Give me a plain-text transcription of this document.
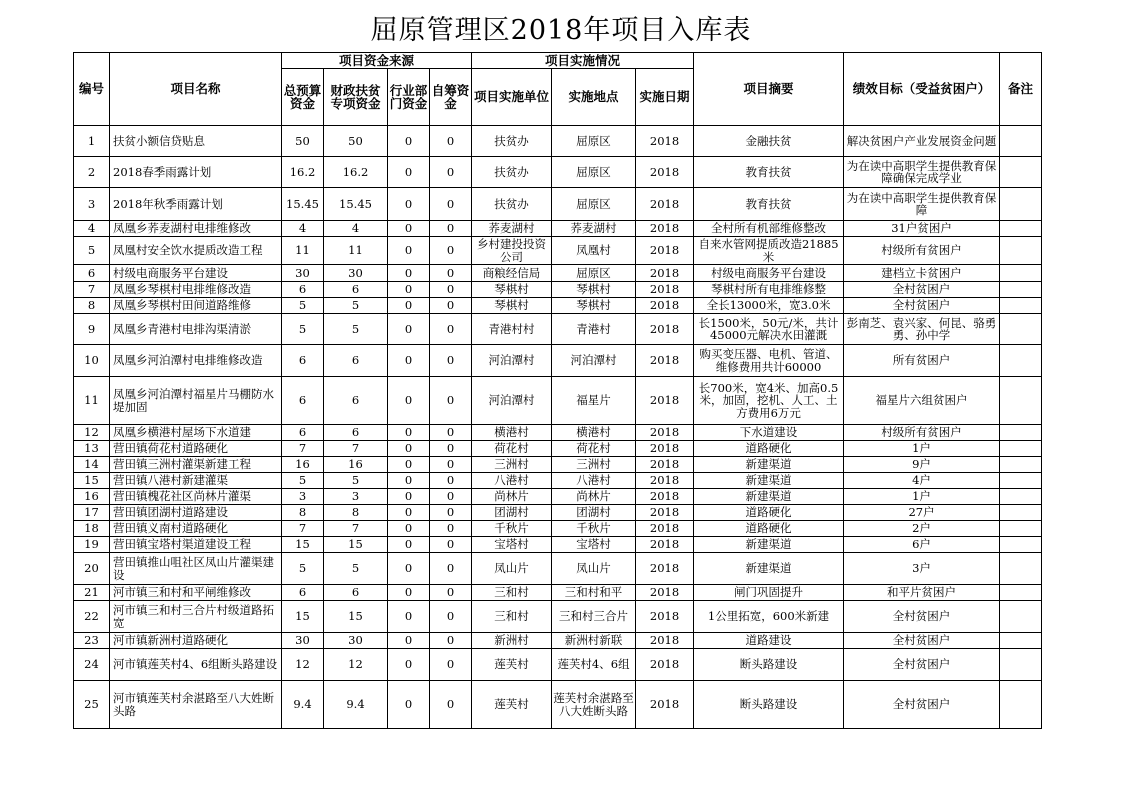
屈原管理区2018年项目入库表
编号	项目名称	项目资金来源				项目实施情况			项目摘要	绩效目标（受益贫困户）	备注
		总预算资金	财政扶贫专项资金	行业部门资金	自筹资金	项目实施单位	实施地点	实施日期			
1	扶贫小额信贷贴息	50	50	0	0	扶贫办	屈原区	2018	金融扶贫	解决贫困户产业发展资金问题	
2	2018春季雨露计划	16.2	16.2	0	0	扶贫办	屈原区	2018	教育扶贫	为在读中高职学生提供教育保障确保完成学业	
3	2018年秋季雨露计划	15.45	15.45	0	0	扶贫办	屈原区	2018	教育扶贫	为在读中高职学生提供教育保障	
4	凤凰乡荞麦湖村电排维修改	4	4	0	0	荞麦湖村	荞麦湖村	2018	全村所有机部维修整改	31户贫困户	
5	凤凰村安全饮水提质改造工程	11	11	0	0	乡村建投投资公司	凤凰村	2018	自来水管网提质改造21885米	村级所有贫困户	
6	村级电商服务平台建设	30	30	0	0	商粮经信局	屈原区	2018	村级电商服务平台建设	建档立卡贫困户	
7	凤凰乡琴棋村电排维修改造	6	6	0	0	琴棋村	琴棋村	2018	琴棋村所有电排维修整	全村贫困户	
8	凤凰乡琴棋村田间道路维修	5	5	0	0	琴棋村	琴棋村	2018	全长13000米，宽3.0米	全村贫困户	
9	凤凰乡青港村电排沟渠清淤	5	5	0	0	青港村村	青港村	2018	长1500米，50元/米，共计45000元解决水田灌溉	彭南芝、袁兴家、何昆、骆勇勇、孙中学	
10	凤凰乡河泊潭村电排维修改造	6	6	0	0	河泊潭村	河泊潭村	2018	购买变压器、电机、管道、维修费用共计60000	所有贫困户	
11	凤凰乡河泊潭村福星片马棚防水堤加固	6	6	0	0	河泊潭村	福星片	2018	长700米，宽4米、加高0.5米，加固，挖机、人工、土方费用6万元	福星片六组贫困户	
12	凤凰乡横港村屋场下水道建	6	6	0	0	横港村	横港村	2018	下水道建设	村级所有贫困户	
13	营田镇荷花村道路硬化	7	7	0	0	荷花村	荷花村	2018	道路硬化	1户	
14	营田镇三洲村灌渠新建工程	16	16	0	0	三洲村	三洲村	2018	新建渠道	9户	
15	营田镇八港村新建灌渠	5	5	0	0	八港村	八港村	2018	新建渠道	4户	
16	营田镇槐花社区尚林片灌渠	3	3	0	0	尚林片	尚林片	2018	新建渠道	1户	
17	营田镇团湖村道路建设	8	8	0	0	团湖村	团湖村	2018	道路硬化	27户	
18	营田镇义南村道路硬化	7	7	0	0	千秋片	千秋片	2018	道路硬化	2户	
19	营田镇宝塔村渠道建设工程	15	15	0	0	宝塔村	宝塔村	2018	新建渠道	6户	
20	营田镇推山咀社区凤山片灌渠建设	5	5	0	0	凤山片	凤山片	2018	新建渠道	3户	
21	河市镇三和村和平闸维修改	6	6	0	0	三和村	三和村和平	2018	闸门巩固提升	和平片贫困户	
22	河市镇三和村三合片村级道路拓宽	15	15	0	0	三和村	三和村三合片	2018	1公里拓宽，600米新建	全村贫困户	
23	河市镇新洲村道路硬化	30	30	0	0	新洲村	新洲村新联	2018	道路建设	全村贫困户	
24	河市镇莲芙村4、6组断头路建设	12	12	0	0	莲芙村	莲芙村4、6组	2018	断头路建设	全村贫困户	
25	河市镇莲芙村余湛路至八大姓断头路	9.4	9.4	0	0	莲芙村	莲芙村余湛路至八大姓断头路	2018	断头路建设	全村贫困户	
